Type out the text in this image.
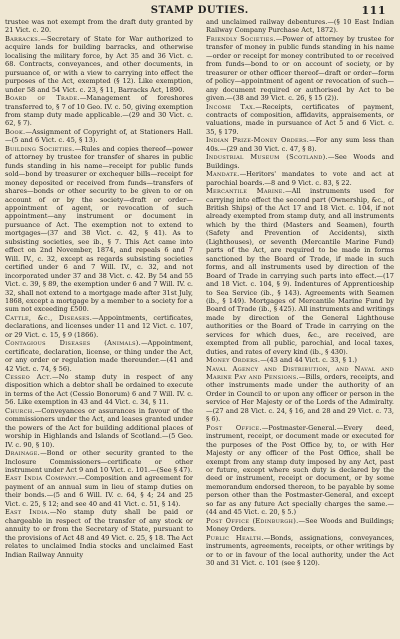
STAMP DUTIES.	111

trustee was not exempt from the draft duty granted by 21 Vict. c. 20.

Barracks.—Secretary of State for War authorized to acquire lands for building barracks, and otherwise localising the military force, by Act 35 and 36 Vict. c. 68. Contracts, conveyances, and other documents, in pursuance of, or with a view to carrying into effect the purposes of the Act, exempted (§ 12). Like exemption, under 58 and 54 Vict. c. 23, § 11, Barracks Act, 1890.

Board of Trade.—Management of foreshores transferred to, § 7 of 10 Geo. IV. c. 50, giving exemption from stamp duty made applicable.—(29 and 30 Vict. c. 62, § 7).

Book.—Assignment of Copyright of, at Stationers Hall.—(5 and 6 Vict. c. 45, § 13).

Building Societies.—Rules and copies thereof—power of attorney by trustee for transfer of shares in public funds standing in his name—receipt for public funds sold—bond by treasurer or exchequer bills—receipt for money deposited or received from funds—transfers of shares—bonds or other security to be given to or on account of or by the society—draft or order—appointment of agent, or revocation of such appointment—any instrument or document in pursuance of Act. The exemption not to extend to mortgages—(37 and 38 Vict. c. 42, § 41). As to subsisting societies, see ib., § 7. This Act came into effect on 2nd November, 1874, and repeals 6 and 7 Will. IV., c. 32, except as regards subsisting societies certified under 6 and 7 Will. IV., c. 32, and not incorporated under 37 and 38 Vict. c. 42. By 54 and 55 Vict. c. 39, § 89, the exemption under 6 and 7 Will. IV. c. 32, shall not extend to a mortgage made after 31st July, 1868, except a mortgage by a member to a society for a sum not exceeding £500.

Cattle, &c., Diseases.—Appointments, certificates, declarations, and licenses under 11 and 12 Vict. c. 107, or 29 Vict. c. 15, § 9 (1866).

Contagious Diseases (Animals).—Appointment, certificate, declaration, license, or thing under the Act, or any order or regulation made thereunder.—(41 and 42 Vict. c. 74, § 56).

Cesseo Act.—No stamp duty in respect of any disposition which a debtor shall be ordained to execute in terms of the Act (Cessio Bonorum) 6 and 7 Will. IV. c. 56. Like exemption in 43 and 44 Vict. c. 34, § 11.

Church.—Conveyances or assurances in favour of the commissioners under the Act, and leases granted under the powers of the Act for building additional places of worship in Highlands and Islands of Scotland.—(5 Geo. IV. c. 90, § 10).

Drainage.—Bond or other security granted to the Inclosure Commissioners—certificate or other instrument under Act 9 and 10 Vict. c. 101.—(See § 47).

East India Company.—Composition and agreement for payment of an annual sum in lieu of stamp duties on their bonds.—(5 and 6 Will. IV. c. 64, § 4; 24 and 25 Vict. c. 25, § 12; and see 40 and 41 Vict. c. 51, § 14).

East India.—No stamp duty shall be paid or chargeable in respect of the transfer of any stock or annuity to or from the Secretary of State, pursuant to the provisions of Act 48 and 49 Vict. c. 25, § 18. The Act relates to unclaimed India stocks and unclaimed East Indian Railway Annuity

and unclaimed railway debentures.—(§ 10 East Indian Railway Company Purchase Act, 1872).

Friendly Societies.—Power of attorney by trustee for transfer of money in public funds standing in his name—order or receipt for money contributed to or received from funds—bond to or on account of society, or by treasurer or other officer thereof—draft or order—form of policy—appointment of agent or revocation of such—any document required or authorised by Act to be given.—(38 and 39 Vict. c. 26, § 15 (2)).

Income Tax.—Receipts, certificates of payment, contracts of composition, affidavits, appraisements, or valuations, made in pursuance of Act 5 and 6 Vict. c. 35, § 179.

Indian Prize-Money Orders.—For any sum less than 40s.—(29 and 30 Vict. c. 47, § 8).

Industrial Museum (Scotland).—See Woods and Buildings.

Mandate.—Heritors' mandates to vote and act at parochial boards.—8 and 9 Vict. c. 83, § 22.

Mercantile Marine.—All instruments used for carrying into effect the second part (Ownership, &c., of British Ships) of the Act 17 and 18 Vict. c. 104, if not already exempted from stamp duty, and all instruments which by the third (Masters and Seamen), fourth (Safety and Prevention of Accidents), sixth (Lighthouses), or seventh (Mercantile Marine Fund) parts of the Act, are required to be made in forms sanctioned by the Board of Trade, if made in such forms, and all instruments used by direction of the Board of Trade in carrying such parts into effect.—(17 and 18 Vict. c. 104, § 9). Indentures of Apprenticeship to Sea Service (ib., § 143). Agreements with Seamen (ib., § 149). Mortgages of Mercantile Marine Fund by Board of Trade (ib., § 425). All instruments and writings made by direction of the General Lighthouse authorities or the Board of Trade in carrying on the services for which dues, &c., are received, are exempted from all public, parochial, and local taxes, duties, and rates of every kind (ib., § 430).

Money Orders.—(43 and 44 Vict. c. 33, § 1.)

Naval Agency and Distribution, and Naval and Marine Pay and Pensions.—Bills, orders, receipts, and other instruments made under the authority of an Order in Council to or upon any officer or person in the service of Her Majesty or of the Lords of the Admiralty.—(27 and 28 Vict. c. 24, § 16, and 28 and 29 Vict. c. 73, § 6).

Post Office.—Postmaster-General.—Every deed, instrument, receipt, or document made or executed for the purposes of the Post Office by, to, or with Her Majesty or any officer of the Post Office, shall be exempt from any stamp duty imposed by any Act, past or future, except where such duty is declared by the deed or instrument, receipt or document, or by some memorandum endorsed thereon, to be payable by some person other than the Postmaster-General, and except so far as any future Act specially charges the same.—(44 and 45 Vict. c. 20, § 5.)

Post Office (Edinburgh).—See Woods and Buildings; Money Orders.

Public Health.—Bonds, assignations, conveyances, instruments, agreements, receipts, or other writings by or to or in favour of the local authority, under the Act 30 and 31 Vict. c. 101 (see § 120).
